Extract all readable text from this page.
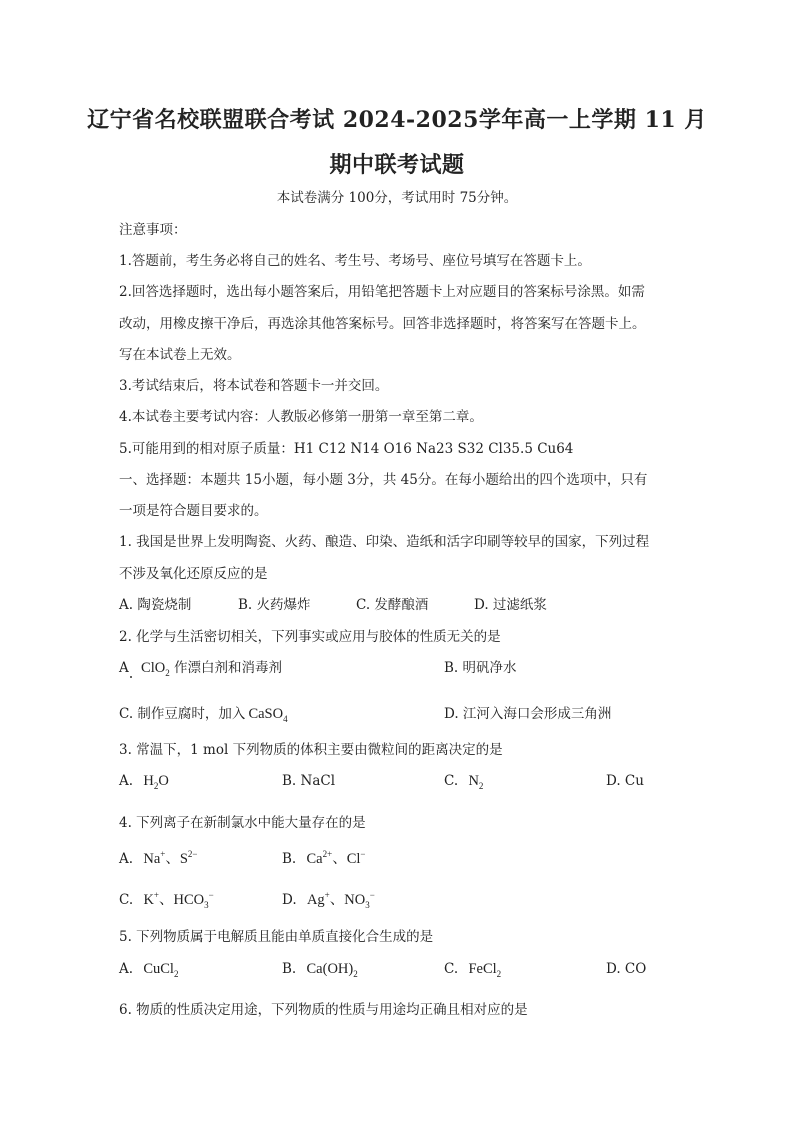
辽宁省名校联盟联合考试 2024-2025学年高一上学期 11 月
期中联考试题
本试卷满分 100分，考试用时 75分钟。
注意事项：
1.答题前，考生务必将自己的姓名、考生号、考场号、座位号填写在答题卡上。
2.回答选择题时，选出每小题答案后，用铅笔把答题卡上对应题目的答案标号涂黑。如需
改动，用橡皮擦干净后，再选涂其他答案标号。回答非选择题时，将答案写在答题卡上。
写在本试卷上无效。
3.考试结束后，将本试卷和答题卡一并交回。
4.本试卷主要考试内容：人教版必修第一册第一章至第二章。
5.可能用到的相对原子质量：H1 C12 N14 O16 Na23 S32 Cl35.5 Cu64
一、选择题：本题共 15小题，每小题 3分，共 45分。在每小题给出的四个选项中，只有
一项是符合题目要求的。
1. 我国是世界上发明陶瓷、火药、酿造、印染、造纸和活字印刷等较早的国家，下列过程
不涉及氧化还原反应的是
A. 陶瓷烧制	B. 火药爆炸	C. 发酵酿酒	D. 过滤纸浆
2. 化学与生活密切相关，下列事实或应用与胶体的性质无关的是
A ClO$_2$ 作漂白剂和消毒剂	B. 明矾净水
C. 制作豆腐时，加入 CaSO$_4$	D. 江河入海口会形成三角洲
3. 常温下，1 mol 下列物质的体积主要由微粒间的距离决定的是
A. $H_2O$	B. NaCl	C. $N_2$	D. Cu
4. 下列离子在新制氯水中能大量存在的是
A. Na+、$S^{2-}$	B. $Ca^{2+}$、Cl−
C. K+、$HCO_3^-$	D. Ag+、$NO_3^-$
5. 下列物质属于电解质且能由单质直接化合生成的是
A. CuCl$_2$	B. $Ca(OH)_2$	C. FeCl$_2$	D. CO
6. 物质的性质决定用途，下列物质的性质与用途均正确且相对应的是
